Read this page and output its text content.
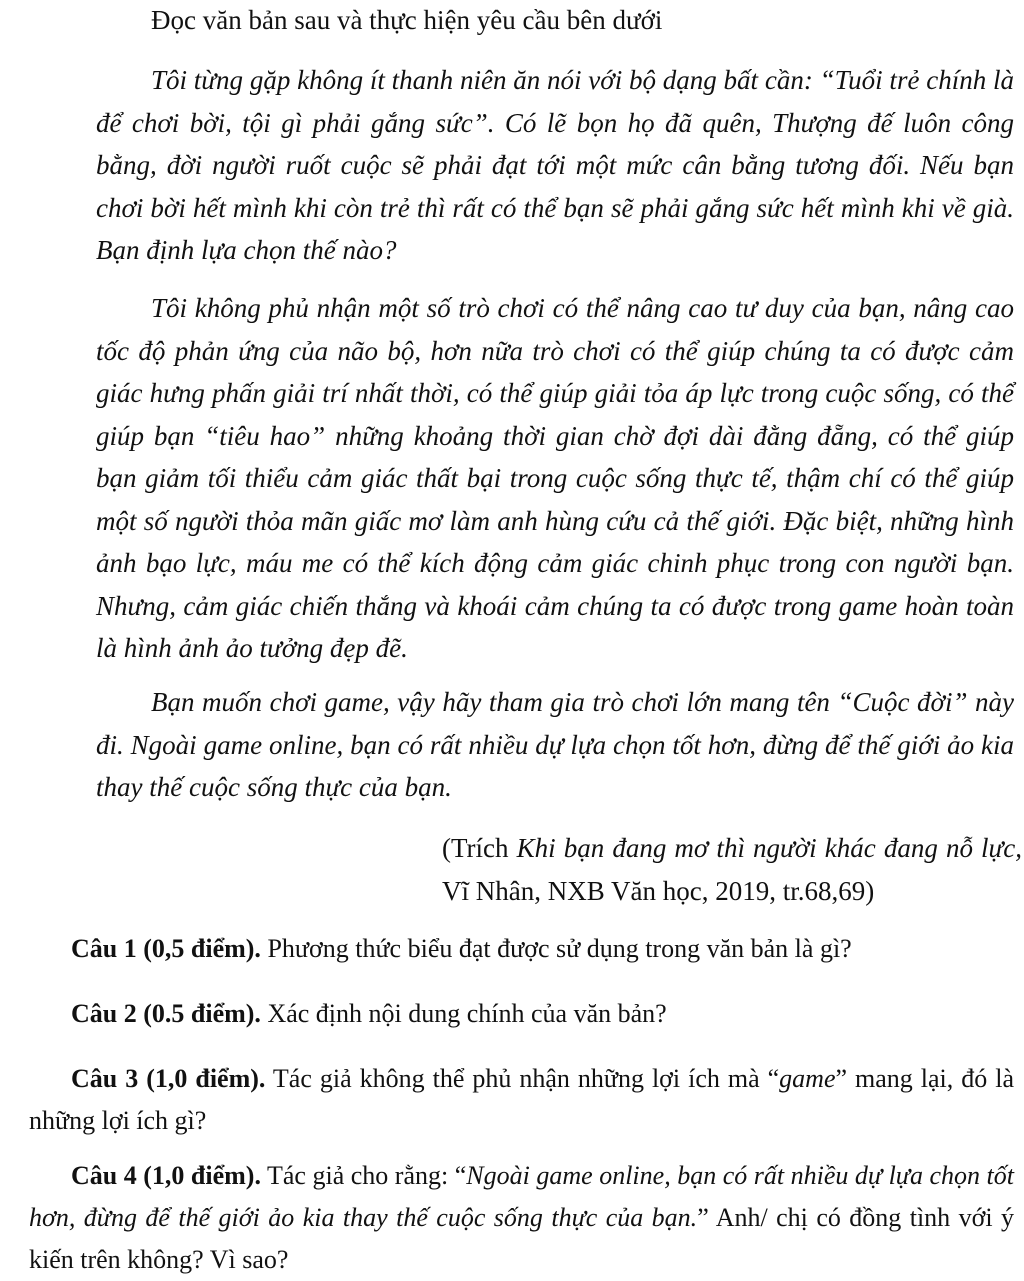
Đọc văn bản sau và thực hiện yêu cầu bên dưới

Tôi từng gặp không ít thanh niên ăn nói với bộ dạng bất cần: “Tuổi trẻ chính là để chơi bời, tội gì phải gắng sức”. Có lẽ bọn họ đã quên, Thượng đế luôn công bằng, đời người ruốt cuộc sẽ phải đạt tới một mức cân bằng tương đối. Nếu bạn chơi bời hết mình khi còn trẻ thì rất có thể bạn sẽ phải gắng sức hết mình khi về già. Bạn định lựa chọn thế nào?

Tôi không phủ nhận một số trò chơi có thể nâng cao tư duy của bạn, nâng cao tốc độ phản ứng của não bộ, hơn nữa trò chơi có thể giúp chúng ta có được cảm giác hưng phấn giải trí nhất thời, có thể giúp giải tỏa áp lực trong cuộc sống, có thể giúp bạn “tiêu hao” những khoảng thời gian chờ đợi dài đằng đẵng, có thể giúp bạn giảm tối thiểu cảm giác thất bại trong cuộc sống thực tế, thậm chí có thể giúp một số người thỏa mãn giấc mơ làm anh hùng cứu cả thế giới. Đặc biệt, những hình ảnh bạo lực, máu me có thể kích động cảm giác chinh phục trong con người bạn. Nhưng, cảm giác chiến thắng và khoái cảm chúng ta có được trong game hoàn toàn là hình ảnh ảo tưởng đẹp đẽ.

Bạn muốn chơi game, vậy hãy tham gia trò chơi lớn mang tên “Cuộc đời” này đi. Ngoài game online, bạn có rất nhiều dự lựa chọn tốt hơn, đừng để thế giới ảo kia thay thế cuộc sống thực của bạn.

(Trích Khi bạn đang mơ thì người khác đang nỗ lực, Vĩ Nhân, NXB Văn học, 2019, tr.68,69)

Câu 1 (0,5 điểm). Phương thức biểu đạt được sử dụng trong văn bản là gì?

Câu 2 (0.5 điểm). Xác định nội dung chính của văn bản?

Câu 3 (1,0 điểm). Tác giả không thể phủ nhận những lợi ích mà “game” mang lại, đó là những lợi ích gì?

Câu 4 (1,0 điểm). Tác giả cho rằng: “Ngoài game online, bạn có rất nhiều dự lựa chọn tốt hơn, đừng để thế giới ảo kia thay thế cuộc sống thực của bạn.” Anh/ chị có đồng tình với ý kiến trên không? Vì sao?
